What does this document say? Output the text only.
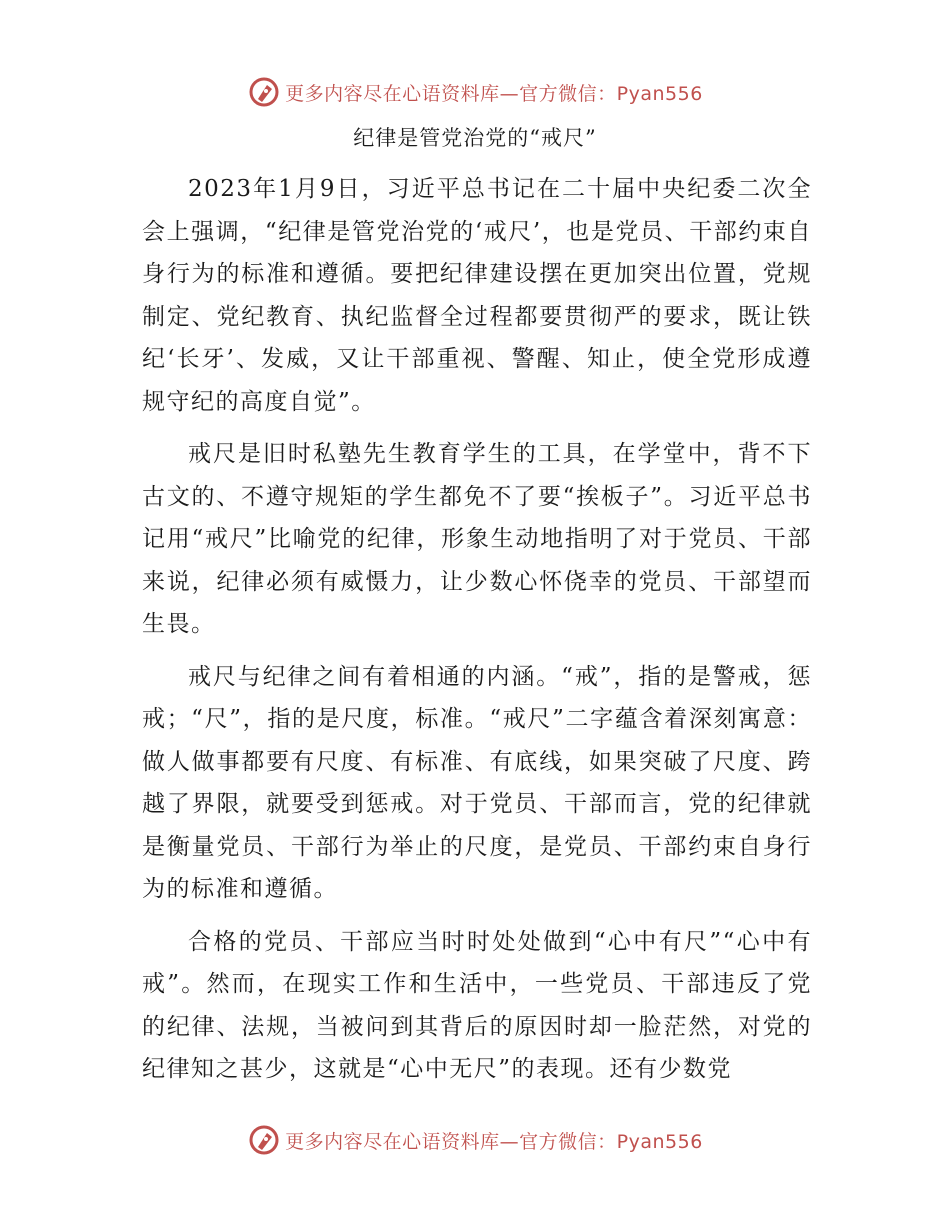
更多内容尽在心语资料库—官方微信：Pyan556
纪律是管党治党的“戒尺”

2023年1月9日，习近平总书记在二十届中央纪委二次全会上强调，“纪律是管党治党的‘戒尺’，也是党员、干部约束自身行为的标准和遵循。要把纪律建设摆在更加突出位置，党规制定、党纪教育、执纪监督全过程都要贯彻严的要求，既让铁纪‘长牙’、发威，又让干部重视、警醒、知止，使全党形成遵规守纪的高度自觉”。

戒尺是旧时私塾先生教育学生的工具，在学堂中，背不下古文的、不遵守规矩的学生都免不了要“挨板子”。习近平总书记用“戒尺”比喻党的纪律，形象生动地指明了对于党员、干部来说，纪律必须有威慑力，让少数心怀侥幸的党员、干部望而生畏。

戒尺与纪律之间有着相通的内涵。“戒”，指的是警戒，惩戒；“尺”，指的是尺度，标准。“戒尺”二字蕴含着深刻寓意：做人做事都要有尺度、有标准、有底线，如果突破了尺度、跨越了界限，就要受到惩戒。对于党员、干部而言，党的纪律就是衡量党员、干部行为举止的尺度，是党员、干部约束自身行为的标准和遵循。

合格的党员、干部应当时时处处做到“心中有尺”“心中有戒”。然而，在现实工作和生活中，一些党员、干部违反了党的纪律、法规，当被问到其背后的原因时却一脸茫然，对党的纪律知之甚少，这就是“心中无尺”的表现。还有少数党

更多内容尽在心语资料库—官方微信：Pyan556
